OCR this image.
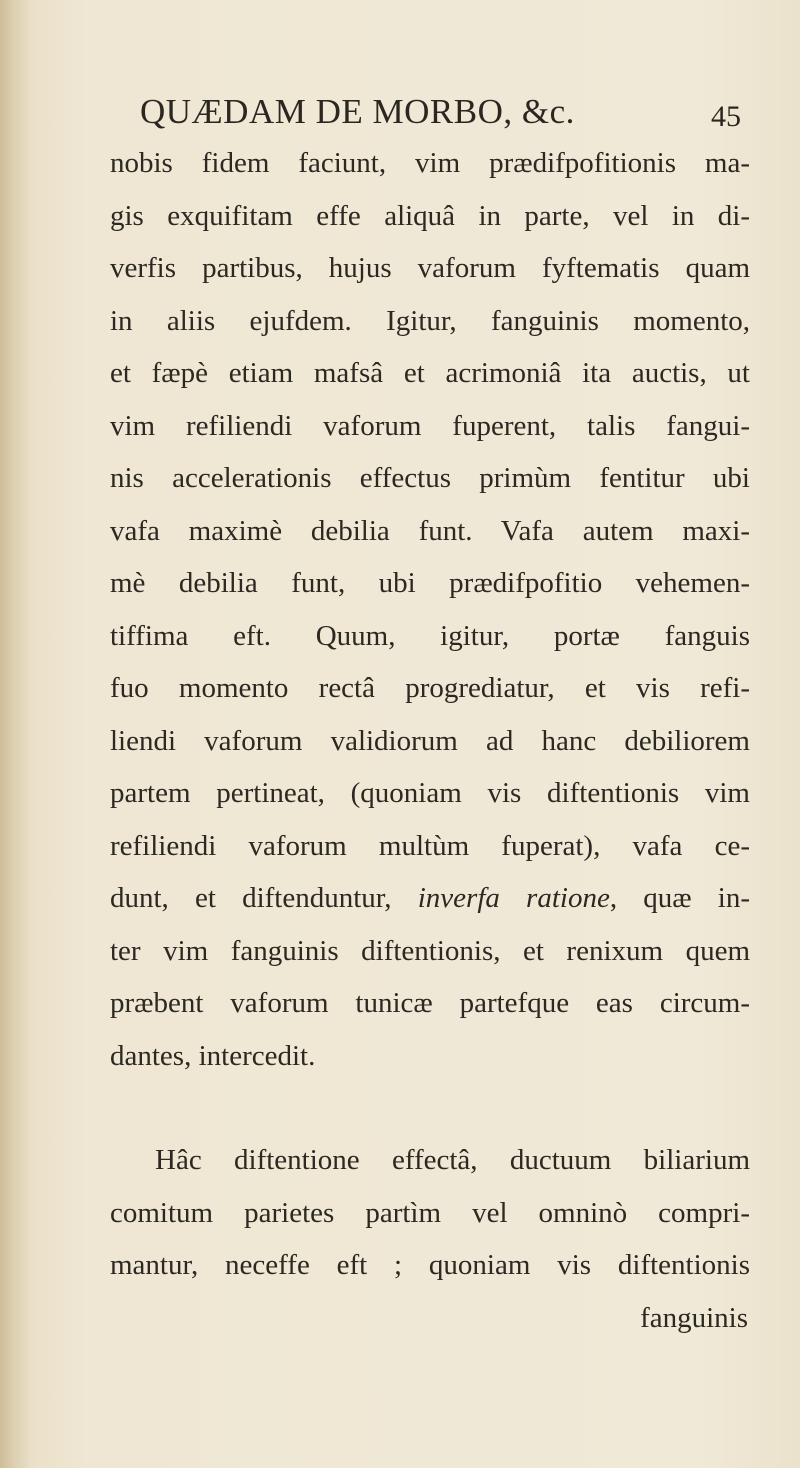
QUÆDAM DE MORBO, &c.	45
nobis fidem faciunt, vim prædifpofitionis ma-
gis exquifitam effe aliquâ in parte, vel in di-
verfis partibus, hujus vaforum fyftematis quam
in aliis ejufdem. Igitur, fanguinis momento,
et fæpè etiam mafsâ et acrimoniâ ita auctis, ut
vim refiliendi vaforum fuperent, talis fangui-
nis accelerationis effectus primùm fentitur ubi
vafa maximè debilia funt. Vafa autem maxi-
mè debilia funt, ubi prædifpofitio vehemen-
tiffima eft. Quum, igitur, portæ fanguis
fuo momento rectâ progrediatur, et vis refi-
liendi vaforum validiorum ad hanc debiliorem
partem pertineat, (quoniam vis diftentionis vim
refiliendi vaforum multùm fuperat), vafa ce-
dunt, et diftenduntur, inverfa ratione, quæ in-
ter vim fanguinis diftentionis, et renixum quem
præbent vaforum tunicæ partefque eas circum-
dantes, intercedit.
Hâc diftentione effectâ, ductuum biliarium
comitum parietes partìm vel omninò compri-
mantur, neceffe eft ; quoniam vis diftentionis
fanguinis
